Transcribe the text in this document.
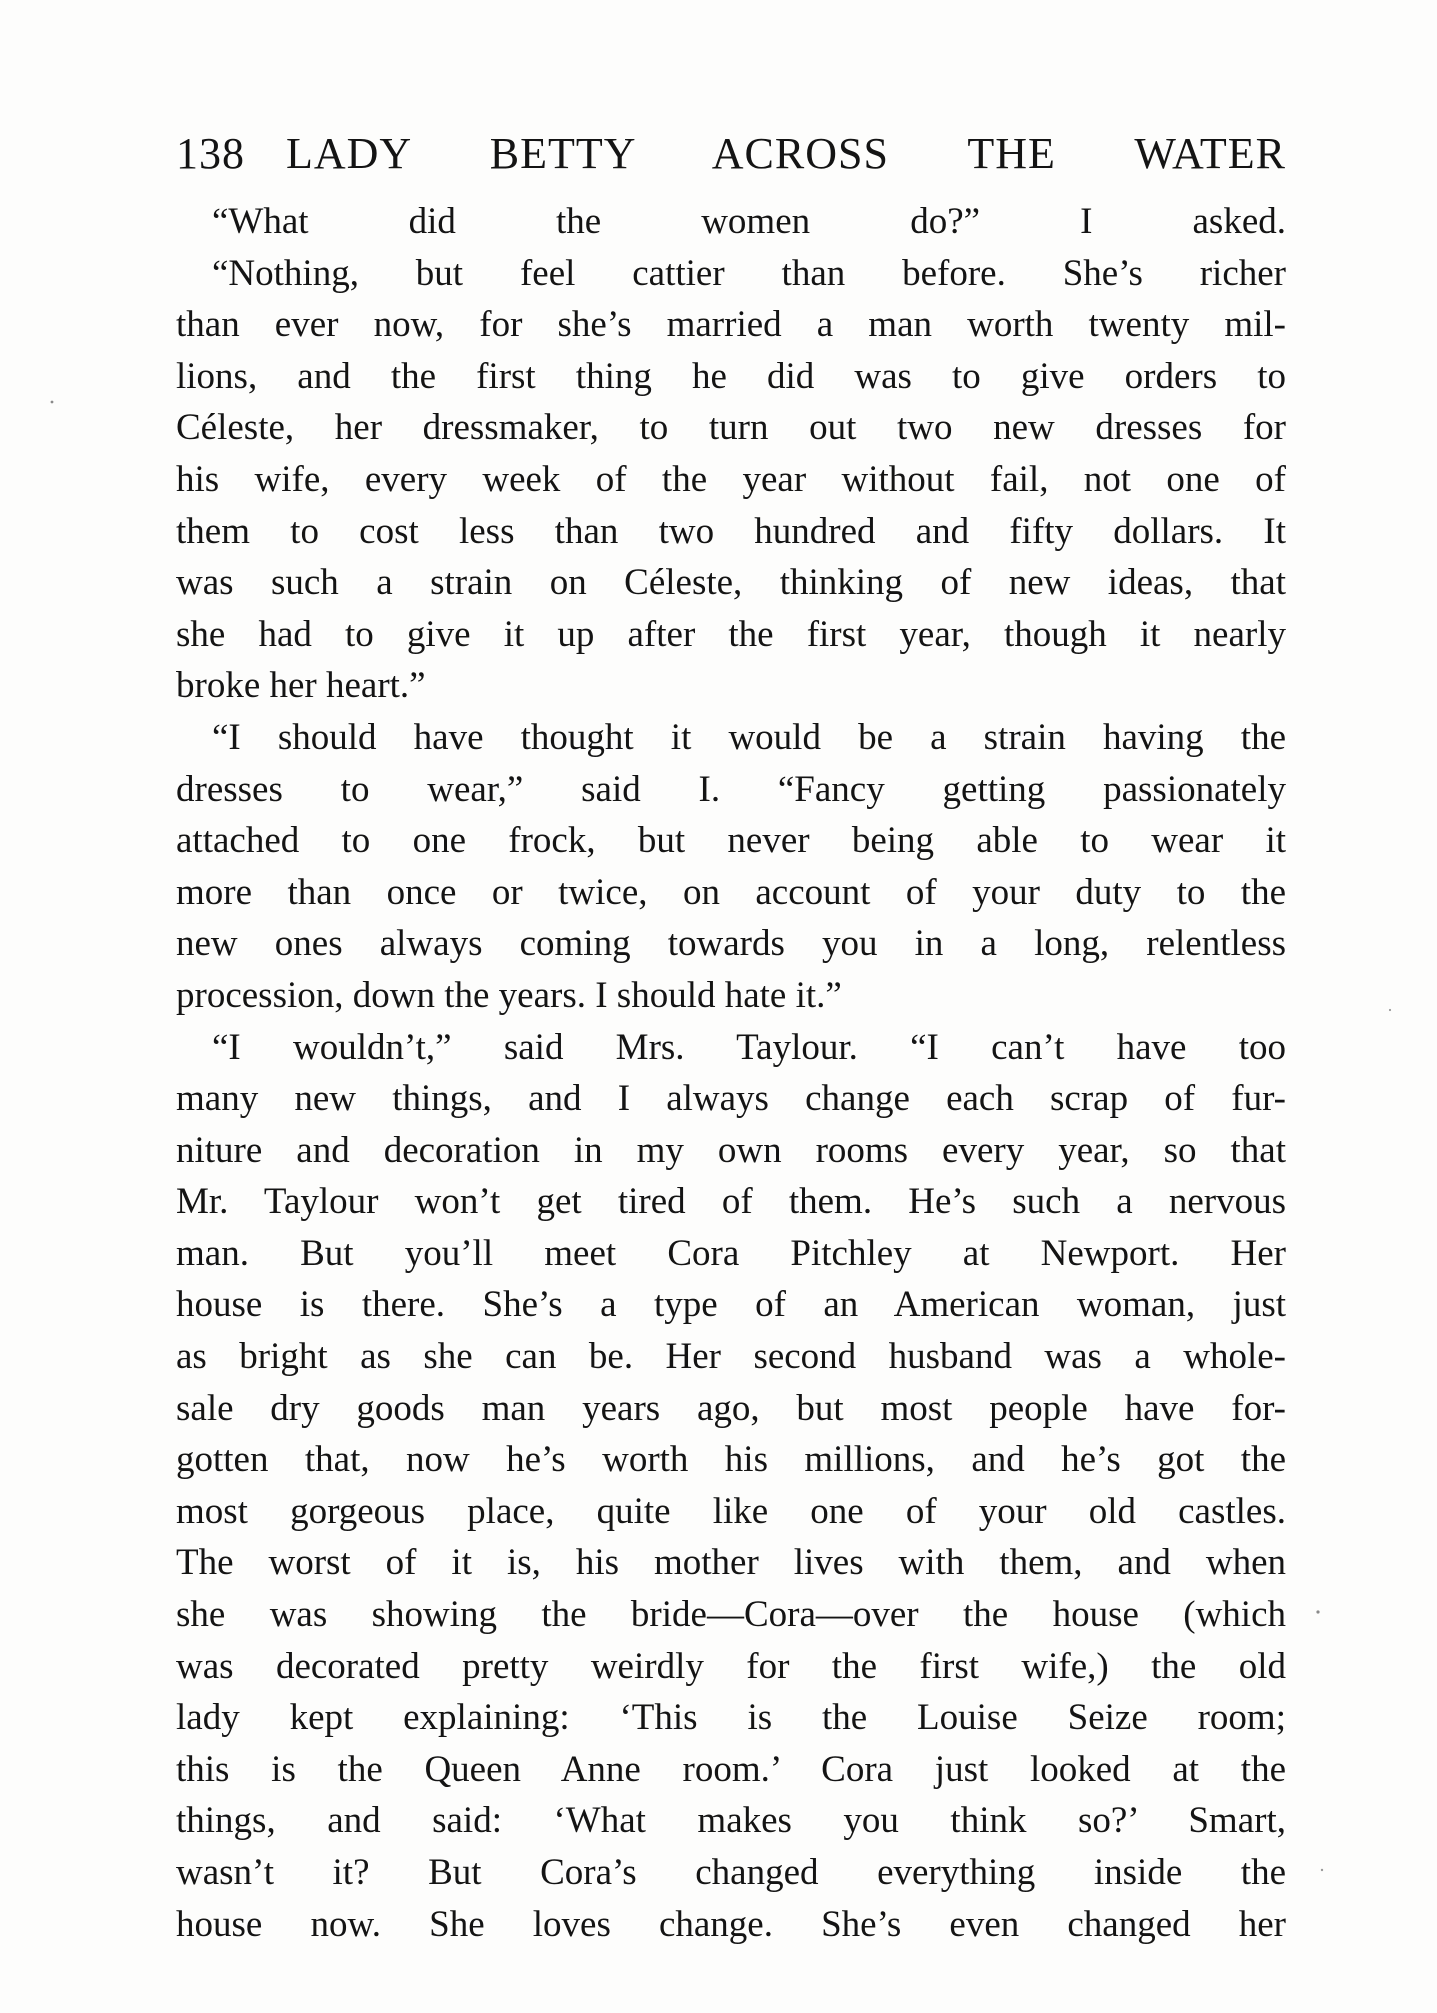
138 LADY BETTY ACROSS THE WATER
“What did the women do?” I asked.
“Nothing, but feel cattier than before. She’s richer
than ever now, for she’s married a man worth twenty mil-
lions, and the first thing he did was to give orders to
Céleste, her dressmaker, to turn out two new dresses for
his wife, every week of the year without fail, not one of
them to cost less than two hundred and fifty dollars. It
was such a strain on Céleste, thinking of new ideas, that
she had to give it up after the first year, though it nearly
broke her heart.”
“I should have thought it would be a strain having the
dresses to wear,” said I. “Fancy getting passionately
attached to one frock, but never being able to wear it
more than once or twice, on account of your duty to the
new ones always coming towards you in a long, relentless
procession, down the years. I should hate it.”
“I wouldn’t,” said Mrs. Taylour. “I can’t have too
many new things, and I always change each scrap of fur-
niture and decoration in my own rooms every year, so that
Mr. Taylour won’t get tired of them. He’s such a nervous
man. But you’ll meet Cora Pitchley at Newport. Her
house is there. She’s a type of an American woman, just
as bright as she can be. Her second husband was a whole-
sale dry goods man years ago, but most people have for-
gotten that, now he’s worth his millions, and he’s got the
most gorgeous place, quite like one of your old castles.
The worst of it is, his mother lives with them, and when
she was showing the bride—Cora—over the house (which
was decorated pretty weirdly for the first wife,) the old
lady kept explaining: ‘This is the Louise Seize room;
this is the Queen Anne room.’ Cora just looked at the
things, and said: ‘What makes you think so?’ Smart,
wasn’t it? But Cora’s changed everything inside the
house now. She loves change. She’s even changed her
